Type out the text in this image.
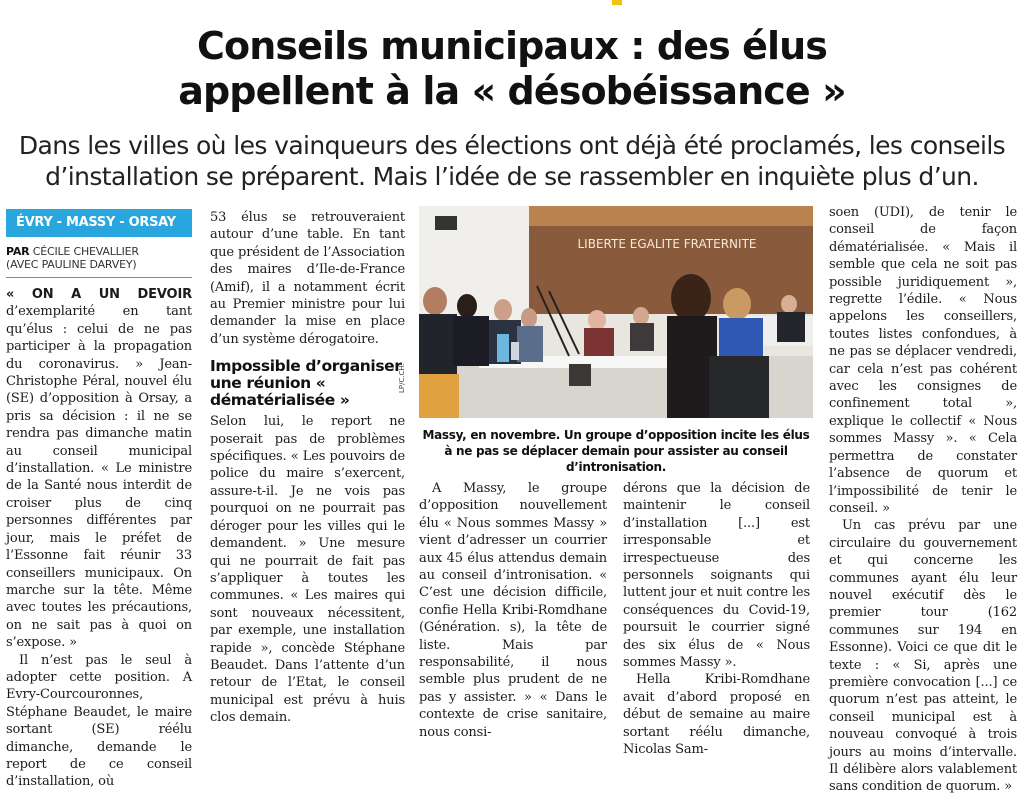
Conseils municipaux : des élus
appellent à la « désobéissance »

Dans les villes où les vainqueurs des élections ont déjà été proclamés, les conseils
d’installation se préparent. Mais l’idée de se rassembler en inquiète plus d’un.

ÉVRY - MASSY - ORSAY
PAR CÉCILE CHEVALLIER
(AVEC PAULINE DARVEY)

« ON A UN DEVOIR d’exemplarité en tant qu’élus : celui de ne pas participer à la propagation du coronavirus. » Jean-Christophe Péral, nouvel élu (SE) d’opposition à Orsay, a pris sa décision : il ne se rendra pas dimanche matin au conseil municipal d’installation. « Le ministre de la Santé nous interdit de croiser plus de cinq personnes différentes par jour, mais le préfet de l’Essonne fait réunir 33 conseillers municipaux. On marche sur la tête. Même avec toutes les précautions, on ne sait pas à quoi on s’expose. »

Il n’est pas le seul à adopter cette position. A Evry-Courcouronnes, Stéphane Beaudet, le maire sortant (SE) réélu dimanche, demande le report de ce conseil d’installation, où

53 élus se retrouveraient autour d’une table. En tant que président de l’Association des maires d’Ile-de-France (Amif), il a notamment écrit au Premier ministre pour lui demander la mise en place d’un système dérogatoire.

Impossible d’organiser une réunion « dématérialisée »

Selon lui, le report ne poserait pas de problèmes spécifiques. « Les pouvoirs de police du maire s’exercent, assure-t-il. Je ne vois pas pourquoi on ne pourrait pas déroger pour les villes qui le demandent. » Une mesure qui ne pourrait de fait pas s’appliquer à toutes les communes. « Les maires qui sont nouveaux nécessitent, par exemple, une installation rapide », concède Stéphane Beaudet. Dans l’attente d’un retour de l’Etat, le conseil municipal est prévu à huis clos demain.

LIBERTE EGALITE FRATERNITE
LP/C.CH.
Massy, en novembre. Un groupe d’opposition incite les élus à ne pas se déplacer demain pour assister au conseil d’intronisation.

A Massy, le groupe d’opposition nouvellement élu « Nous sommes Massy » vient d’adresser un courrier aux 45 élus attendus demain au conseil d’intronisation. « C’est une décision difficile, confie Hella Kribi-Romdhane (Génération. s), la tête de liste. Mais par responsabilité, il nous semble plus prudent de ne pas y assister. » « Dans le contexte de crise sanitaire, nous consi-

dérons que la décision de maintenir le conseil d’installation [...] est irresponsable et irrespectueuse des personnels soignants qui luttent jour et nuit contre les conséquences du Covid-19, poursuit le courrier signé des six élus de « Nous sommes Massy ».

Hella Kribi-Romdhane avait d’abord proposé en début de semaine au maire sortant réélu dimanche, Nicolas Sam-

soen (UDI), de tenir le conseil de façon dématérialisée. « Mais il semble que cela ne soit pas possible juridiquement », regrette l’édile. « Nous appelons les conseillers, toutes listes confondues, à ne pas se déplacer vendredi, car cela n’est pas cohérent avec les consignes de confinement total », explique le collectif « Nous sommes Massy ». « Cela permettra de constater l’absence de quorum et l’impossibilité de tenir le conseil. »

Un cas prévu par une circulaire du gouvernement et qui concerne les communes ayant élu leur nouvel exécutif dès le premier tour (162 communes sur 194 en Essonne). Voici ce que dit le texte : « Si, après une première convocation [...] ce quorum n’est pas atteint, le conseil municipal est à nouveau convoqué à trois jours au moins d’intervalle. Il délibère alors valablement sans condition de quorum. »
